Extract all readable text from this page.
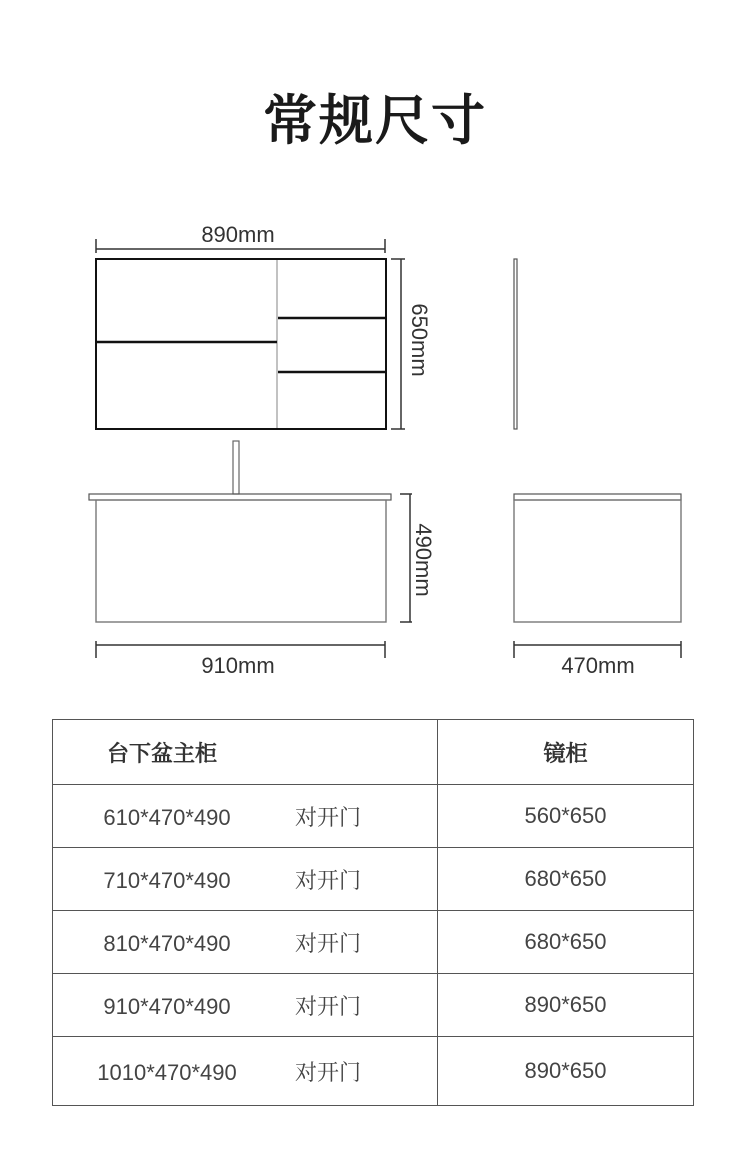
常规尺寸
890mm
650mm
490mm
910mm	470mm
台下盆主柜	镜柜
610*470*490 对开门	560*650
710*470*490 对开门	680*650
810*470*490 对开门	680*650
910*470*490 对开门	890*650
1010*470*490 对开门	890*650
